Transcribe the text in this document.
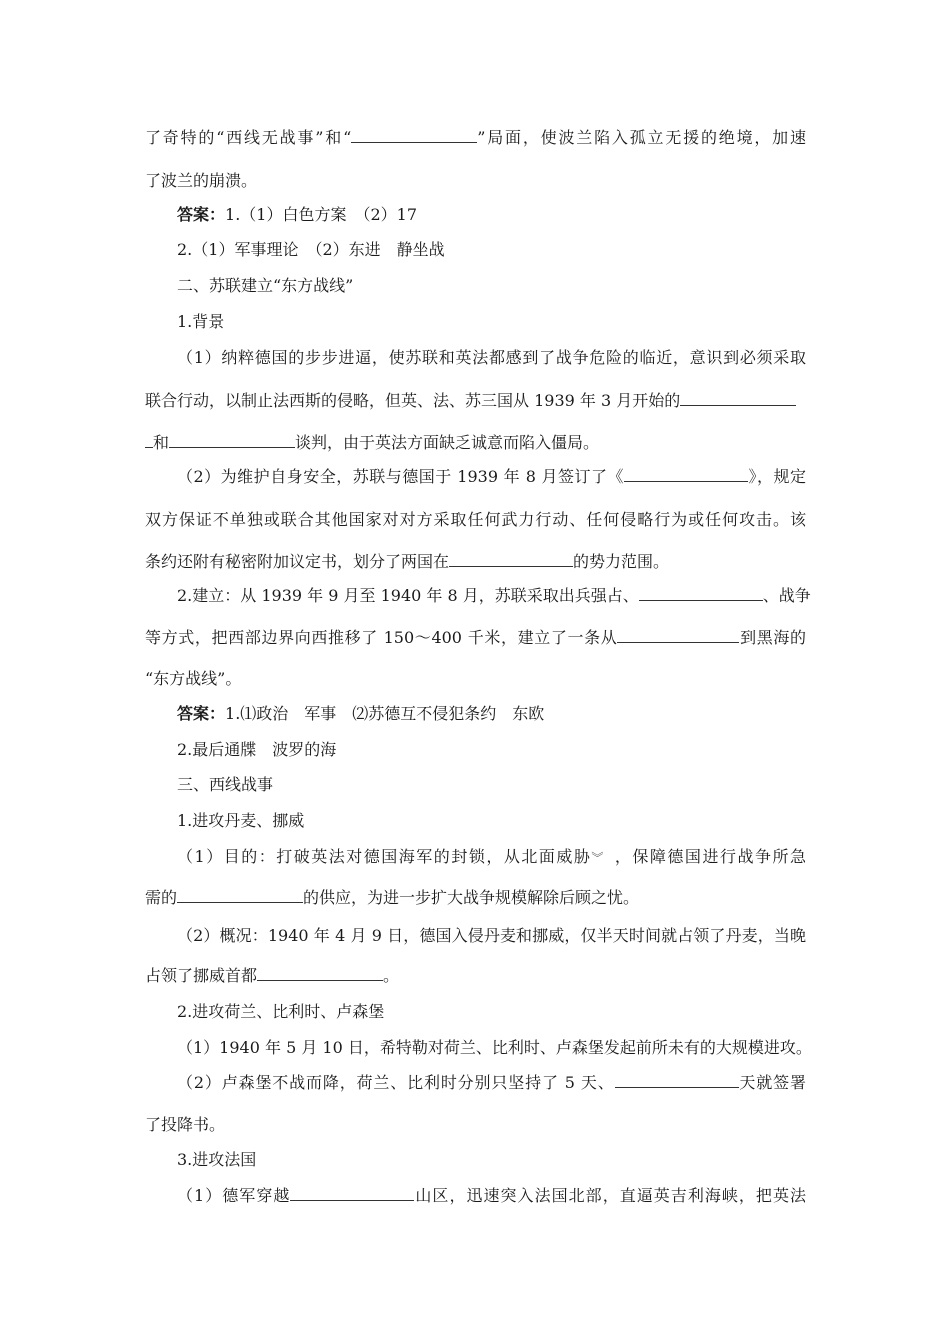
了奇特的“西线无战事”和“	”局面，使波兰陷入孤立无援的绝境，加速
了波兰的崩溃。
答案：1.（1）白色方案　（2）17
2.（1）军事理论　（2）东进　静坐战
二、苏联建立“东方战线”
1.背景
（1）纳粹德国的步步进逼，使苏联和英法都感到了战争危险的临近，意识到必须采取
联合行动，以制止法西斯的侵略，但英、法、苏三国从 1939 年 3 月开始的
和	谈判，由于英法方面缺乏诚意而陷入僵局。
（2）为维护自身安全，苏联与德国于 1939 年 8 月签订了《	》，规定
双方保证不单独或联合其他国家对对方采取任何武力行动、任何侵略行为或任何攻击。该
条约还附有秘密附加议定书，划分了两国在	的势力范围。
2.建立：从 1939 年 9 月至 1940 年 8 月，苏联采取出兵强占、	、战争
等方式，把西部边界向西推移了 150～400 千米，建立了一条从	到黑海的
“东方战线”。
答案：1.⑴政治　军事　⑵苏德互不侵犯条约　东欧
2.最后通牒　波罗的海
三、西线战事
1.进攻丹麦、挪威
（1）目的：打破英法对德国海军的封锁，从北面威胁︾ ，保障德国进行战争所急
需的	的供应，为进一步扩大战争规模解除后顾之忧。
（2）概况：1940 年 4 月 9 日，德国入侵丹麦和挪威，仅半天时间就占领了丹麦，当晚
占领了挪威首都	。
2.进攻荷兰、比利时、卢森堡
（1）1940 年 5 月 10 日，希特勒对荷兰、比利时、卢森堡发起前所未有的大规模进攻。
（2）卢森堡不战而降，荷兰、比利时分别只坚持了 5 天、	天就签署
了投降书。
3.进攻法国
（1）德军穿越	山区，迅速突入法国北部，直逼英吉利海峡，把英法
